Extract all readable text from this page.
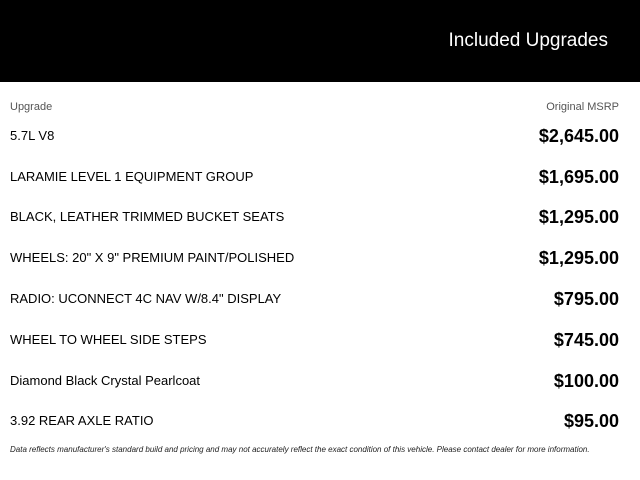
Included Upgrades
Upgrade	Original MSRP
5.7L V8	$2,645.00
LARAMIE LEVEL 1 EQUIPMENT GROUP	$1,695.00
BLACK, LEATHER TRIMMED BUCKET SEATS	$1,295.00
WHEELS: 20" X 9" PREMIUM PAINT/POLISHED	$1,295.00
RADIO: UCONNECT 4C NAV W/8.4" DISPLAY	$795.00
WHEEL TO WHEEL SIDE STEPS	$745.00
Diamond Black Crystal Pearlcoat	$100.00
3.92 REAR AXLE RATIO	$95.00
Data reflects manufacturer's standard build and pricing and may not accurately reflect the exact condition of this vehicle. Please contact dealer for more information.
